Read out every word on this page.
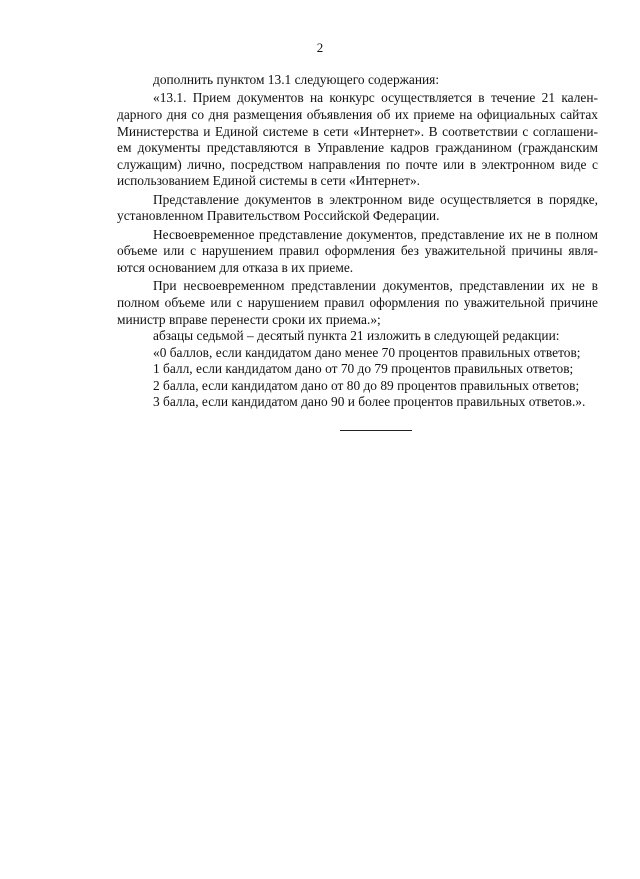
2
дополнить пунктом 13.1 следующего содержания:
«13.1. Прием документов на конкурс осуществляется в течение 21 кален-
дарного дня со дня размещения объявления об их приеме на официальных сайтах
Министерства и Единой системе в сети «Интернет». В соответствии с соглашени-
ем документы представляются в Управление кадров гражданином (гражданским
служащим) лично, посредством направления по почте или в электронном виде с
использованием Единой системы в сети «Интернет».
Представление документов в электронном виде осуществляется в порядке,
установленном Правительством Российской Федерации.
Несвоевременное представление документов, представление их не в полном
объеме или с нарушением правил оформления без уважительной причины явля-
ются основанием для отказа в их приеме.
При несвоевременном представлении документов, представлении их не в
полном объеме или с нарушением правил оформления по уважительной причине
министр вправе перенести сроки их приема.»;
абзацы седьмой – десятый пункта 21 изложить в следующей редакции:
«0 баллов, если кандидатом дано менее 70 процентов правильных ответов;
1 балл, если кандидатом дано от 70 до 79 процентов правильных ответов;
2 балла, если кандидатом дано от 80 до 89 процентов правильных ответов;
3 балла, если кандидатом дано 90 и более процентов правильных ответов.».
